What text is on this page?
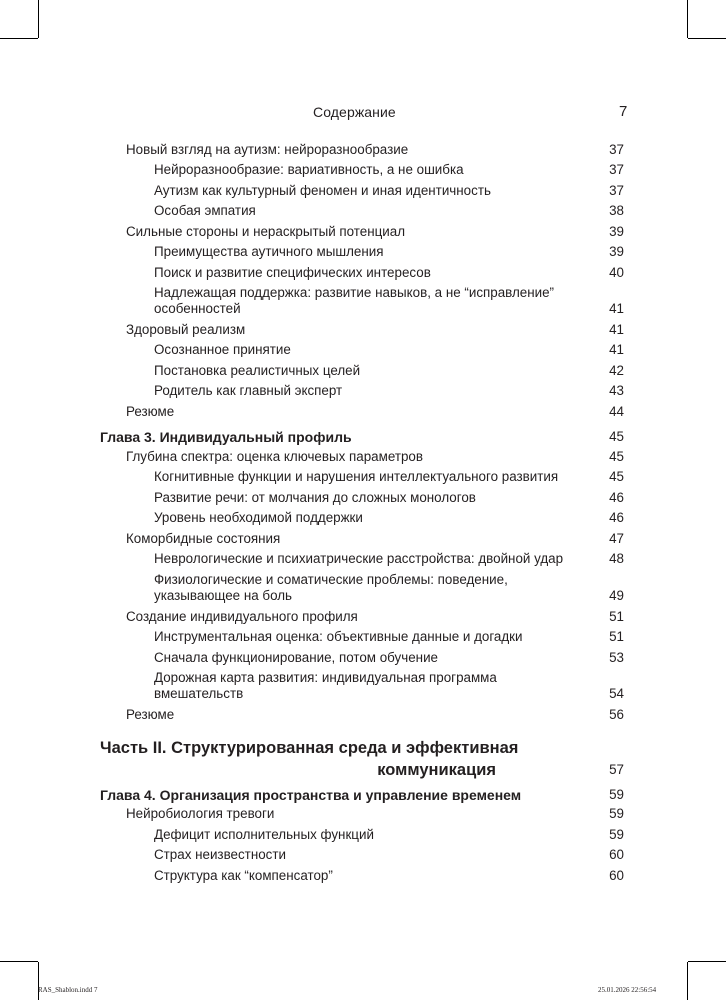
Содержание	7
Новый взгляд на аутизм: нейроразнообразие	37
Нейроразнообразие: вариативность, а не ошибка	37
Аутизм как культурный феномен и иная идентичность	37
Особая эмпатия	38
Сильные стороны и нераскрытый потенциал	39
Преимущества аутичного мышления	39
Поиск и развитие специфических интересов	40
Надлежащая поддержка: развитие навыков, а не “исправление”
особенностей	41
Здоровый реализм	41
Осознанное принятие	41
Постановка реалистичных целей	42
Родитель как главный эксперт	43
Резюме	44
Глава 3. Индивидуальный профиль	45
Глубина спектра: оценка ключевых параметров	45
Когнитивные функции и нарушения интеллектуального развития	45
Развитие речи: от молчания до сложных монологов	46
Уровень необходимой поддержки	46
Коморбидные состояния	47
Неврологические и психиатрические расстройства: двойной удар	48
Физиологические и соматические проблемы: поведение,
указывающее на боль	49
Создание индивидуального профиля	51
Инструментальная оценка: объективные данные и догадки	51
Сначала функционирование, потом обучение	53
Дорожная карта развития: индивидуальная программа
вмешательств	54
Резюме	56
Часть II. Структурированная среда и эффективная
коммуникация	57
Глава 4. Организация пространства и управление временем	59
Нейробиология тревоги	59
Дефицит исполнительных функций	59
Страх неизвестности	60
Структура как “компенсатор”	60
RAS_Shablon.indd 7	25.01.2026 22:56:54
